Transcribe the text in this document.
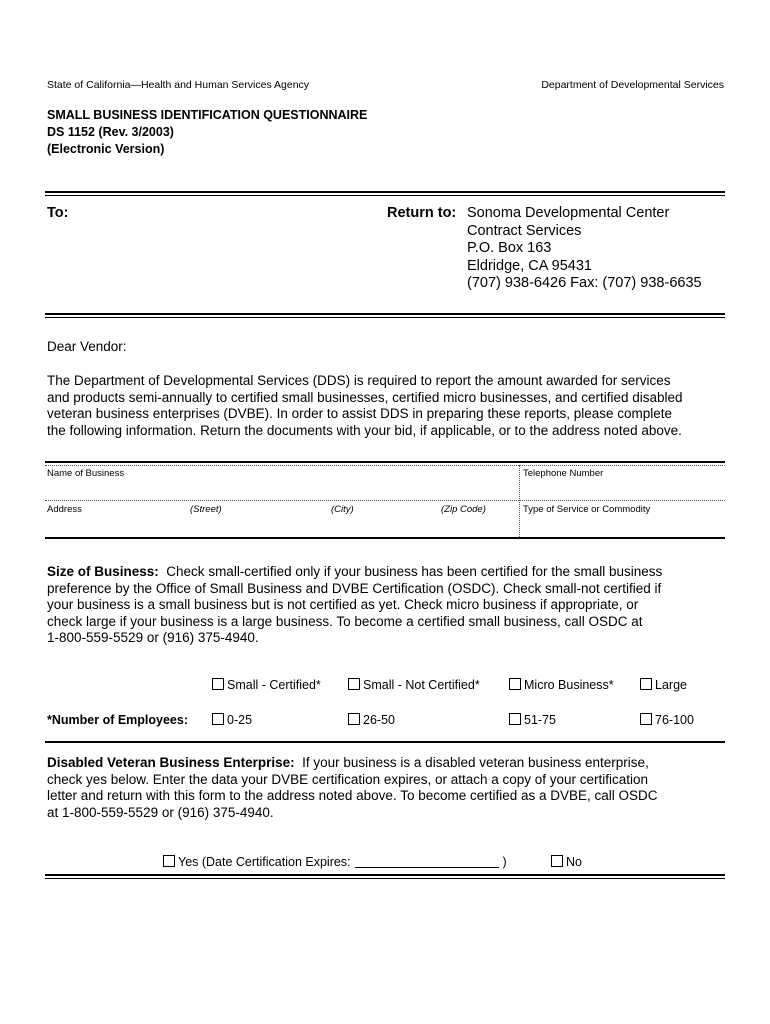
State of California—Health and Human Services Agency	Department of Developmental Services
SMALL BUSINESS IDENTIFICATION QUESTIONNAIRE
DS 1152 (Rev. 3/2003)
(Electronic Version)
To:	Return to: Sonoma Developmental Center
Contract Services
P.O. Box 163
Eldridge, CA 95431
(707) 938-6426 Fax: (707) 938-6635
Dear Vendor:

The Department of Developmental Services (DDS) is required to report the amount awarded for services

and products semi-annually to certified small businesses, certified micro businesses, and certified disabled

veteran business enterprises (DVBE). In order to assist DDS in preparing these reports, please complete

the following information. Return the documents with your bid, if applicable, or to the address noted above.

Name of Business	Telephone Number
Address	(Street)	(City)	(Zip Code)	Type of Service or Commodity

Size of Business: Check small-certified only if your business has been certified for the small business

preference by the Office of Small Business and DVBE Certification (OSDC). Check small-not certified if

your business is a small business but is not certified as yet. Check micro business if appropriate, or

check large if your business is a large business. To become a certified small business, call OSDC at

1-800-559-5529 or (916) 375-4940.

Small - Certified*	Small - Not Certified*	Micro Business*	Large
*Number of Employees:	0-25	26-50	51-75	76-100

Disabled Veteran Business Enterprise: If your business is a disabled veteran business enterprise,

check yes below. Enter the data your DVBE certification expires, or attach a copy of your certification

letter and return with this form to the address noted above. To become certified as a DVBE, call OSDC

at 1-800-559-5529 or (916) 375-4940.

Yes (Date Certification Expires:	)	No
